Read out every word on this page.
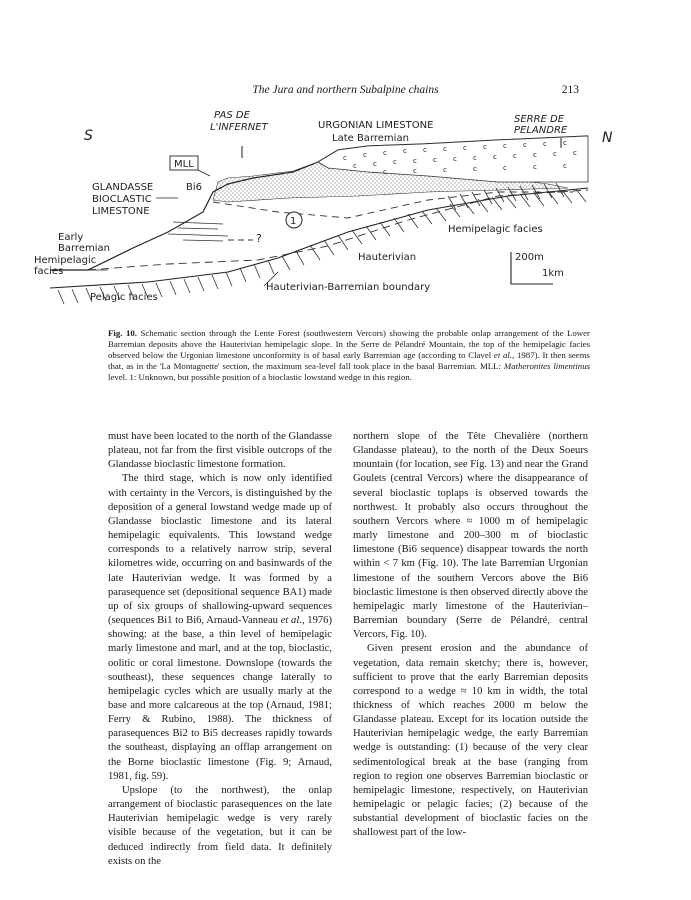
The Jura and northern Subalpine chains	213
c c c c c c c c c c c c
c c c c c c c c c c c c
c	c	c	c	c	c	c
S	N
PAS DE
L'INFERNET	URGONIAN LIMESTONE
Late Barremian
SERRE DE
PELANDRE
MLL
Bi6
GLANDASSE
BIOCLASTIC
LIMESTONE
Early
Barremian
Hemipelagic
facies
?
1
Hemipelagic facies
Hauterivian
Hauterivian-Barremian boundary
Pelagic facies
200m
1km
Fig. 10. Schematic section through the Lente Forest (southwestern Vercors) showing the probable onlap arrangement of the Lower Barremian deposits above the Hauterivian hemipelagic slope. In the Serre de Pélandré Mountain, the top of the hemipelagic facies observed below the Urgonian limestone unconformity is of basal early Barremian age (according to Clavel et al., 1987). It then seems that, as in the 'La Montagnette' section, the maximum sea-level fall took place in the basal Barremian. MLL: Matheronites limentinus level. 1: Unknown, but possible position of a bioclastic lowstand wedge in this region.

must have been located to the north of the Glandasse plateau, not far from the first visible outcrops of the Glandasse bioclastic limestone formation.

The third stage, which is now only identified with certainty in the Vercors, is distinguished by the deposition of a general lowstand wedge made up of Glandasse bioclastic limestone and its lateral hemipelagic equivalents. This lowstand wedge corresponds to a relatively narrow strip, several kilometres wide, occurring on and basinwards of the late Hauterivian wedge. It was formed by a parasequence set (depositional sequence BA1) made up of six groups of shallowing-upward sequences (sequences Bi1 to Bi6, Arnaud-Vanneau et al., 1976) showing: at the base, a thin level of hemipelagic marly limestone and marl, and at the top, bioclastic, oolitic or coral limestone. Downslope (towards the southeast), these sequences change laterally to hemipelagic cycles which are usually marly at the base and more calcareous at the top (Arnaud, 1981; Ferry & Rubino, 1988). The thickness of parasequences Bi2 to Bi5 decreases rapidly towards the southeast, displaying an offlap arrangement on the Borne bioclastic limestone (Fig. 9; Arnaud, 1981, fig. 59).

Upslope (to the northwest), the onlap arrangement of bioclastic parasequences on the late Hauterivian hemipelagic wedge is very rarely visible because of the vegetation, but it can be deduced indirectly from field data. It definitely exists on the

northern slope of the Tête Chevalière (northern Glandasse plateau), to the north of the Deux Soeurs mountain (for location, see Fig. 13) and near the Grand Goulets (central Vercors) where the disappearance of several bioclastic toplaps is observed towards the northwest. It probably also occurs throughout the southern Vercors where ≈ 1000 m of hemipelagic marly limestone and 200–300 m of bioclastic limestone (Bi6 sequence) disappear towards the north within < 7 km (Fig. 10). The late Barremian Urgonian limestone of the southern Vercors above the Bi6 bioclastic limestone is then observed directly above the hemipelagic marly limestone of the Hauterivian–Barremian boundary (Serre de Pélandré, central Vercors, Fig. 10).

Given present erosion and the abundance of vegetation, data remain sketchy; there is, however, sufficient to prove that the early Barremian deposits correspond to a wedge ≈ 10 km in width, the total thickness of which reaches 2000 m below the Glandasse plateau. Except for its location outside the Hauterivian hemipelagic wedge, the early Barremian wedge is outstanding: (1) because of the very clear sedimentological break at the base (ranging from region to region one observes Barremian bioclastic or hemipelagic limestone, respectively, on Hauterivian hemipelagic or pelagic facies; (2) because of the substantial development of bioclastic facies on the shallowest part of the low-
